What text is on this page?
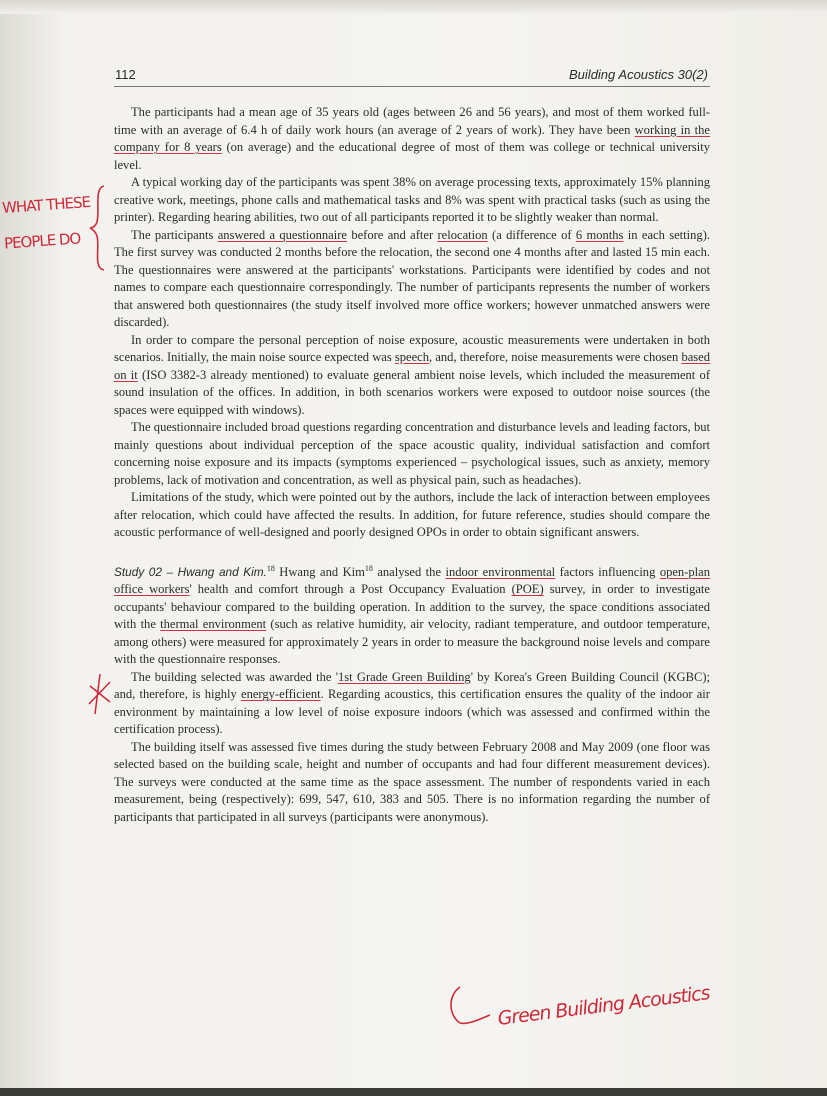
112	Building Acoustics 30(2)

The participants had a mean age of 35 years old (ages between 26 and 56 years), and most of them worked full-time with an average of 6.4 h of daily work hours (an average of 2 years of work). They have been working in the company for 8 years (on average) and the educational degree of most of them was college or technical university level.

A typical working day of the participants was spent 38% on average processing texts, approximately 15% planning creative work, meetings, phone calls and mathematical tasks and 8% was spent with practical tasks (such as using the printer). Regarding hearing abilities, two out of all participants reported it to be slightly weaker than normal.

The participants answered a questionnaire before and after relocation (a difference of 6 months in each setting). The first survey was conducted 2 months before the relocation, the second one 4 months after and lasted 15 min each. The questionnaires were answered at the participants' workstations. Participants were identified by codes and not names to compare each questionnaire correspondingly. The number of participants represents the number of workers that answered both questionnaires (the study itself involved more office workers; however unmatched answers were discarded).

In order to compare the personal perception of noise exposure, acoustic measurements were undertaken in both scenarios. Initially, the main noise source expected was speech, and, therefore, noise measurements were chosen based on it (ISO 3382-3 already mentioned) to evaluate general ambient noise levels, which included the measurement of sound insulation of the offices. In addition, in both scenarios workers were exposed to outdoor noise sources (the spaces were equipped with windows).

The questionnaire included broad questions regarding concentration and disturbance levels and leading factors, but mainly questions about individual perception of the space acoustic quality, individual satisfaction and comfort concerning noise exposure and its impacts (symptoms experienced – psychological issues, such as anxiety, memory problems, lack of motivation and concentration, as well as physical pain, such as headaches).

Limitations of the study, which were pointed out by the authors, include the lack of interaction between employees after relocation, which could have affected the results. In addition, for future reference, studies should compare the acoustic performance of well-designed and poorly designed OPOs in order to obtain significant answers.

Study 02 – Hwang and Kim.$^{18}$ Hwang and Kim$^{18}$ analysed the indoor environmental factors influencing open-plan office workers' health and comfort through a Post Occupancy Evaluation (POE) survey, in order to investigate occupants' behaviour compared to the building operation. In addition to the survey, the space conditions associated with the thermal environment (such as relative humidity, air velocity, radiant temperature, and outdoor temperature, among others) were measured for approximately 2 years in order to measure the background noise levels and compare with the questionnaire responses.

The building selected was awarded the '1st Grade Green Building' by Korea's Green Building Council (KGBC); and, therefore, is highly energy-efficient. Regarding acoustics, this certification ensures the quality of the indoor air environment by maintaining a low level of noise exposure indoors (which was assessed and confirmed within the certification process).

The building itself was assessed five times during the study between February 2008 and May 2009 (one floor was selected based on the building scale, height and number of occupants and had four different measurement devices). The surveys were conducted at the same time as the space assessment. The number of respondents varied in each measurement, being (respectively): 699, 547, 610, 383 and 505. There is no information regarding the number of participants that participated in all surveys (participants were anonymous).

WHAT THESE
PEOPLE DO
Green Building Acoustics
